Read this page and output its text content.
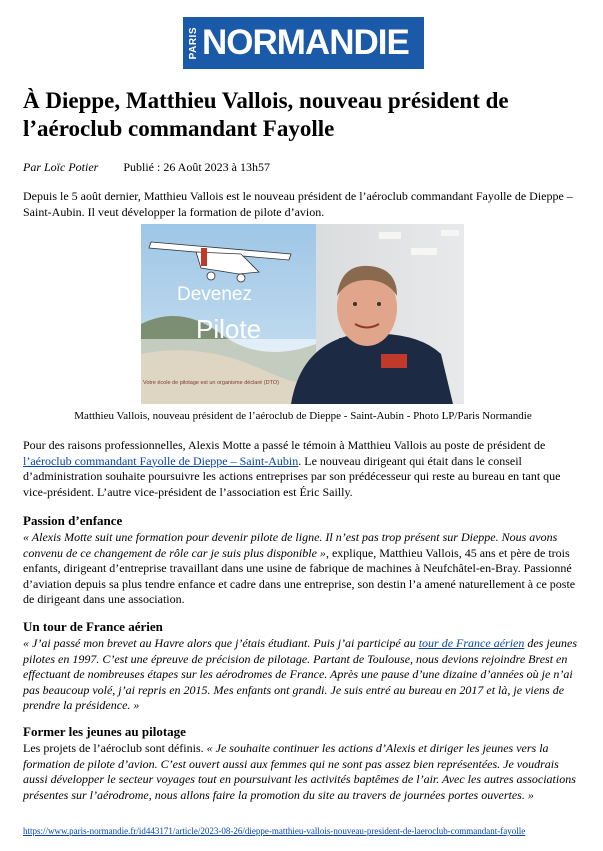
PARIS NORMANDIE
À Dieppe, Matthieu Vallois, nouveau président de l’aéroclub commandant Fayolle
Par Loïc Potier Publié : 26 Août 2023 à 13h57

Depuis le 5 août dernier, Matthieu Vallois est le nouveau président de l’aéroclub commandant Fayolle de Dieppe – Saint-Aubin. Il veut développer la formation de pilote d’avion.

Devenez
Pilote
Votre école de pilotage est un organisme déclaré (DTO)
Matthieu Vallois, nouveau président de l’aéroclub de Dieppe - Saint-Aubin - Photo LP/Paris Normandie

Pour des raisons professionnelles, Alexis Motte a passé le témoin à Matthieu Vallois au poste de président de l’aéroclub commandant Fayolle de Dieppe – Saint-Aubin. Le nouveau dirigeant qui était dans le conseil d’administration souhaite poursuivre les actions entreprises par son prédécesseur qui reste au bureau en tant que vice-président. L’autre vice-président de l’association est Éric Sailly.

Passion d’enfance

« Alexis Motte suit une formation pour devenir pilote de ligne. Il n’est pas trop présent sur Dieppe. Nous avons convenu de ce changement de rôle car je suis plus disponible », explique, Matthieu Vallois, 45 ans et père de trois enfants, dirigeant d’entreprise travaillant dans une usine de fabrique de machines à Neufchâtel-en-Bray. Passionné d’aviation depuis sa plus tendre enfance et cadre dans une entreprise, son destin l’a amené naturellement à ce poste de dirigeant dans une association.

Un tour de France aérien

« J’ai passé mon brevet au Havre alors que j’étais étudiant. Puis j’ai participé au tour de France aérien des jeunes pilotes en 1997. C’est une épreuve de précision de pilotage. Partant de Toulouse, nous devions rejoindre Brest en effectuant de nombreuses étapes sur les aérodromes de France. Après une pause d’une dizaine d’années où je n’ai pas beaucoup volé, j’ai repris en 2015. Mes enfants ont grandi. Je suis entré au bureau en 2017 et là, je viens de prendre la présidence. »

Former les jeunes au pilotage

Les projets de l’aéroclub sont définis. « Je souhaite continuer les actions d’Alexis et diriger les jeunes vers la formation de pilote d’avion. C’est ouvert aussi aux femmes qui ne sont pas assez bien représentées. Je voudrais aussi développer le secteur voyages tout en poursuivant les activités baptêmes de l’air. Avec les autres associations présentes sur l’aérodrome, nous allons faire la promotion du site au travers de journées portes ouvertes. »

https://www.paris-normandie.fr/id443171/article/2023-08-26/dieppe-matthieu-vallois-nouveau-president-de-laeroclub-commandant-fayolle
